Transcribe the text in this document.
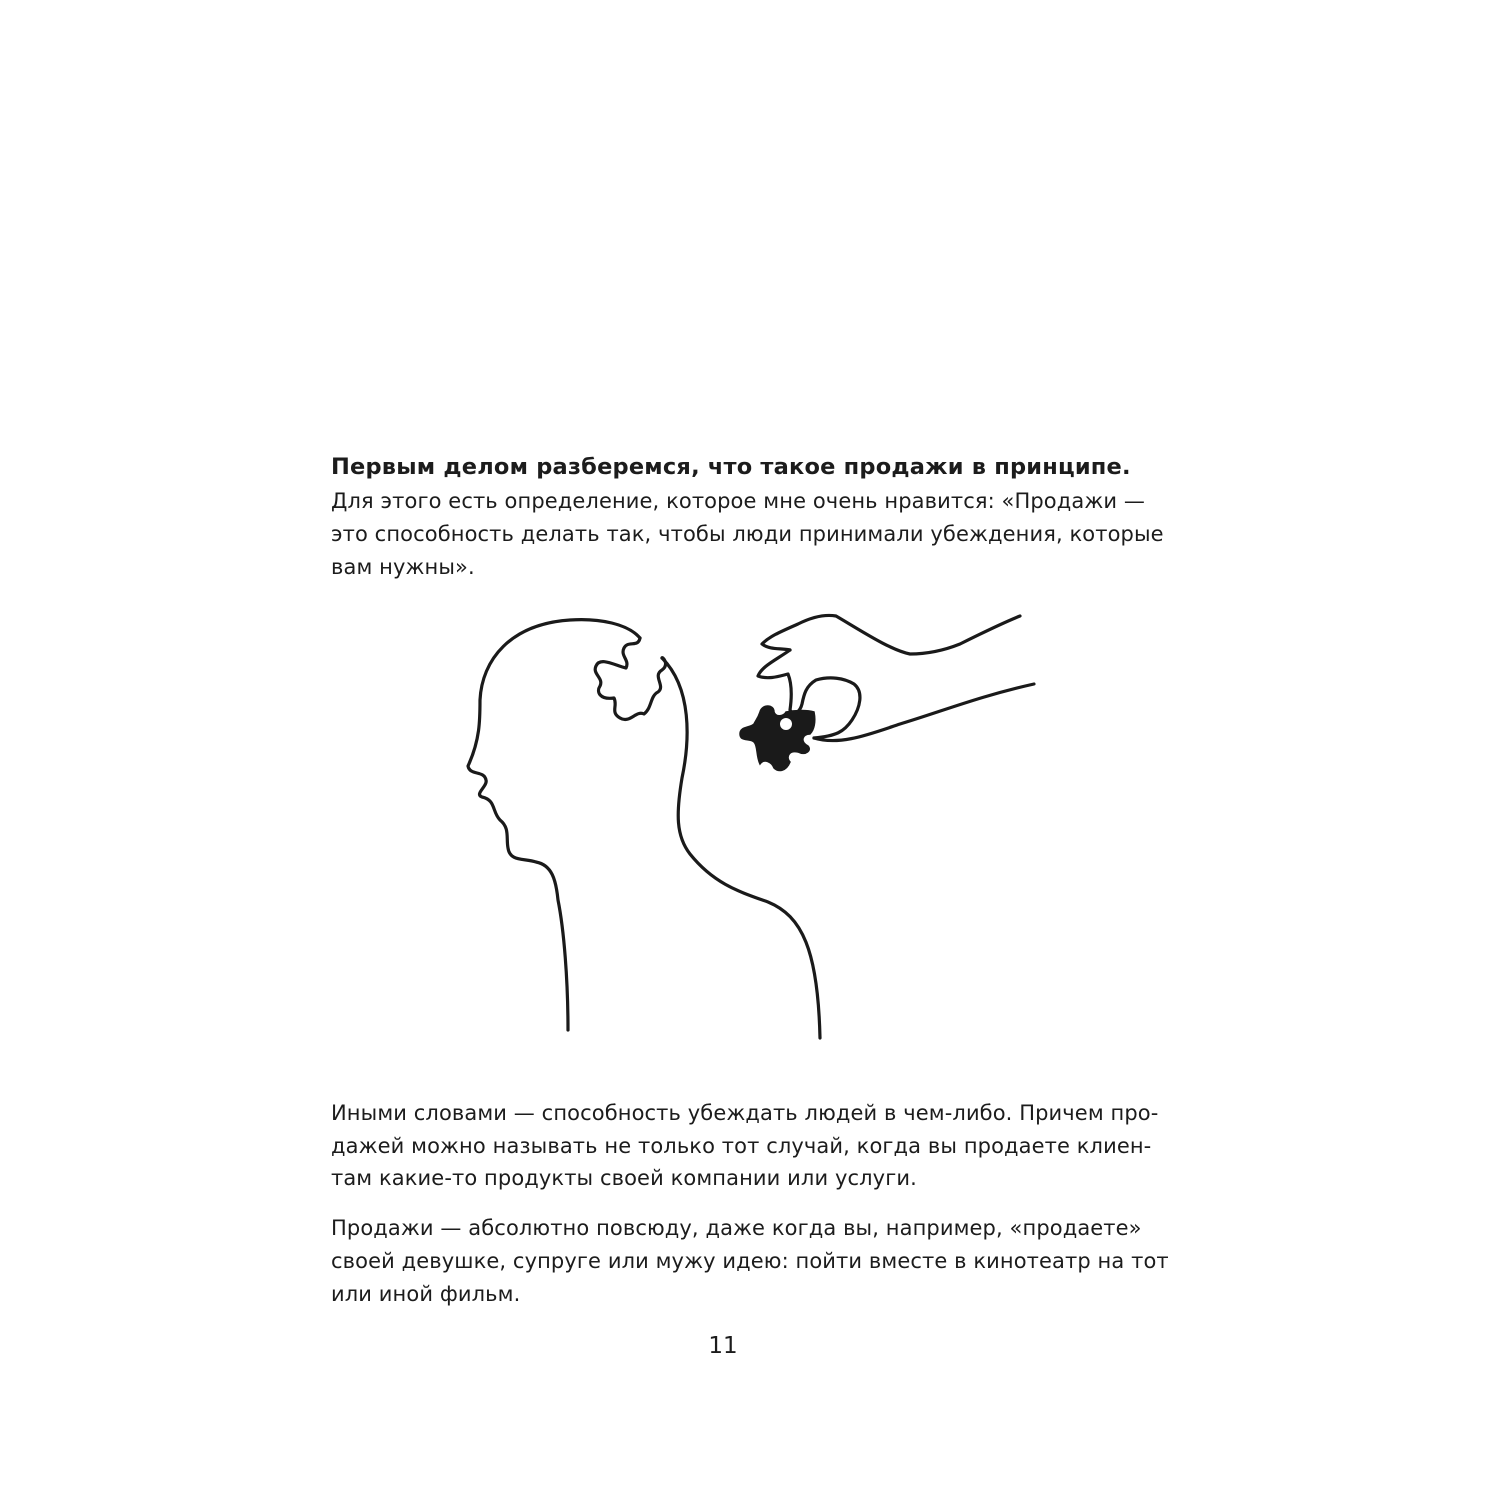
Первым делом разберемся, что такое продажи в принципе.
Для этого есть определение, которое мне очень нравится: «Продажи —
это способность делать так, чтобы люди принимали убеждения, которые
вам нужны».
Иными словами — способность убеждать людей в чем-либо. Причем про-
дажей можно называть не только тот случай, когда вы продаете клиен-
там какие-то продукты своей компании или услуги.
Продажи — абсолютно повсюду, даже когда вы, например, «продаете»
своей девушке, супруге или мужу идею: пойти вместе в кинотеатр на тот
или иной фильм.
11
